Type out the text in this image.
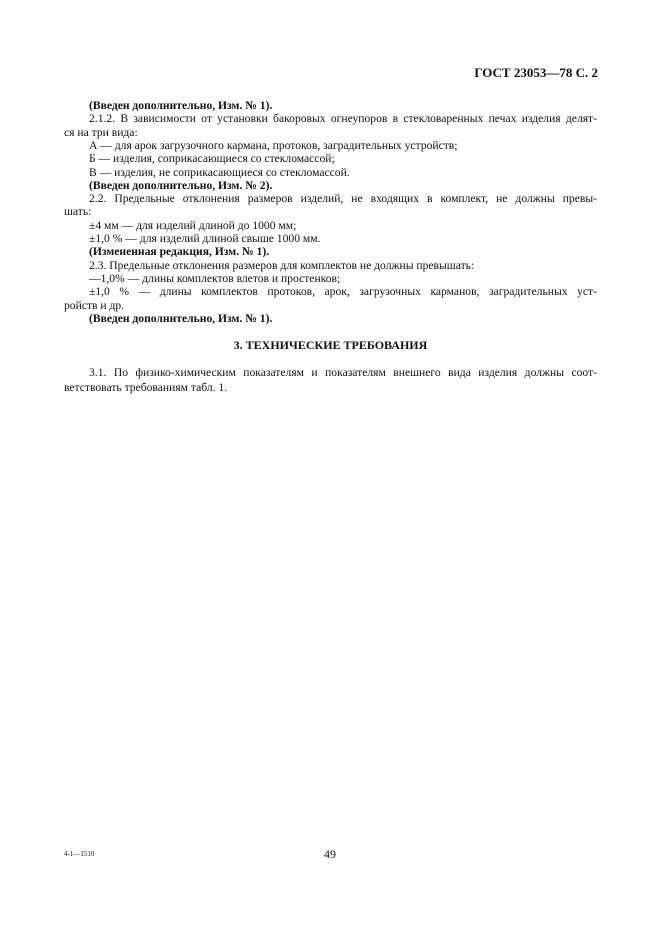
ГОСТ 23053—78 С. 2
(Введен дополнительно, Изм. № 1).
2.1.2. В зависимости от установки бакоровых огнеупоров в стекловаренных печах изделия делят-
ся на три вида:
А — для арок загрузочного кармана, протоков, заградительных устройств;
Б — изделия, соприкасающиеся со стекломассой;
В — изделия, не соприкасающиеся со стекломассой.
(Введен дополнительно, Изм. № 2).
2.2. Предельные отклонения размеров изделий, не входящих в комплект, не должны превы-
шать:
±4 мм — для изделий длиной до 1000 мм;
±1,0 % — для изделий длиной свыше 1000 мм.
(Измененная редакция, Изм. № 1).
2.3. Предельные отклонения размеров для комплектов не должны превышать:
—1,0% — длины комплектов влетов и простенков;
±1,0 % — длины комплектов протоков, арок, загрузочных карманов, заградительных уст-
ройств и др.
(Введен дополнительно, Изм. № 1).
3. ТЕХНИЧЕСКИЕ ТРЕБОВАНИЯ
3.1. По физико-химическим показателям и показателям внешнего вида изделия должны соот-
ветствовать требованиям табл. 1.
4-1—1510	49
